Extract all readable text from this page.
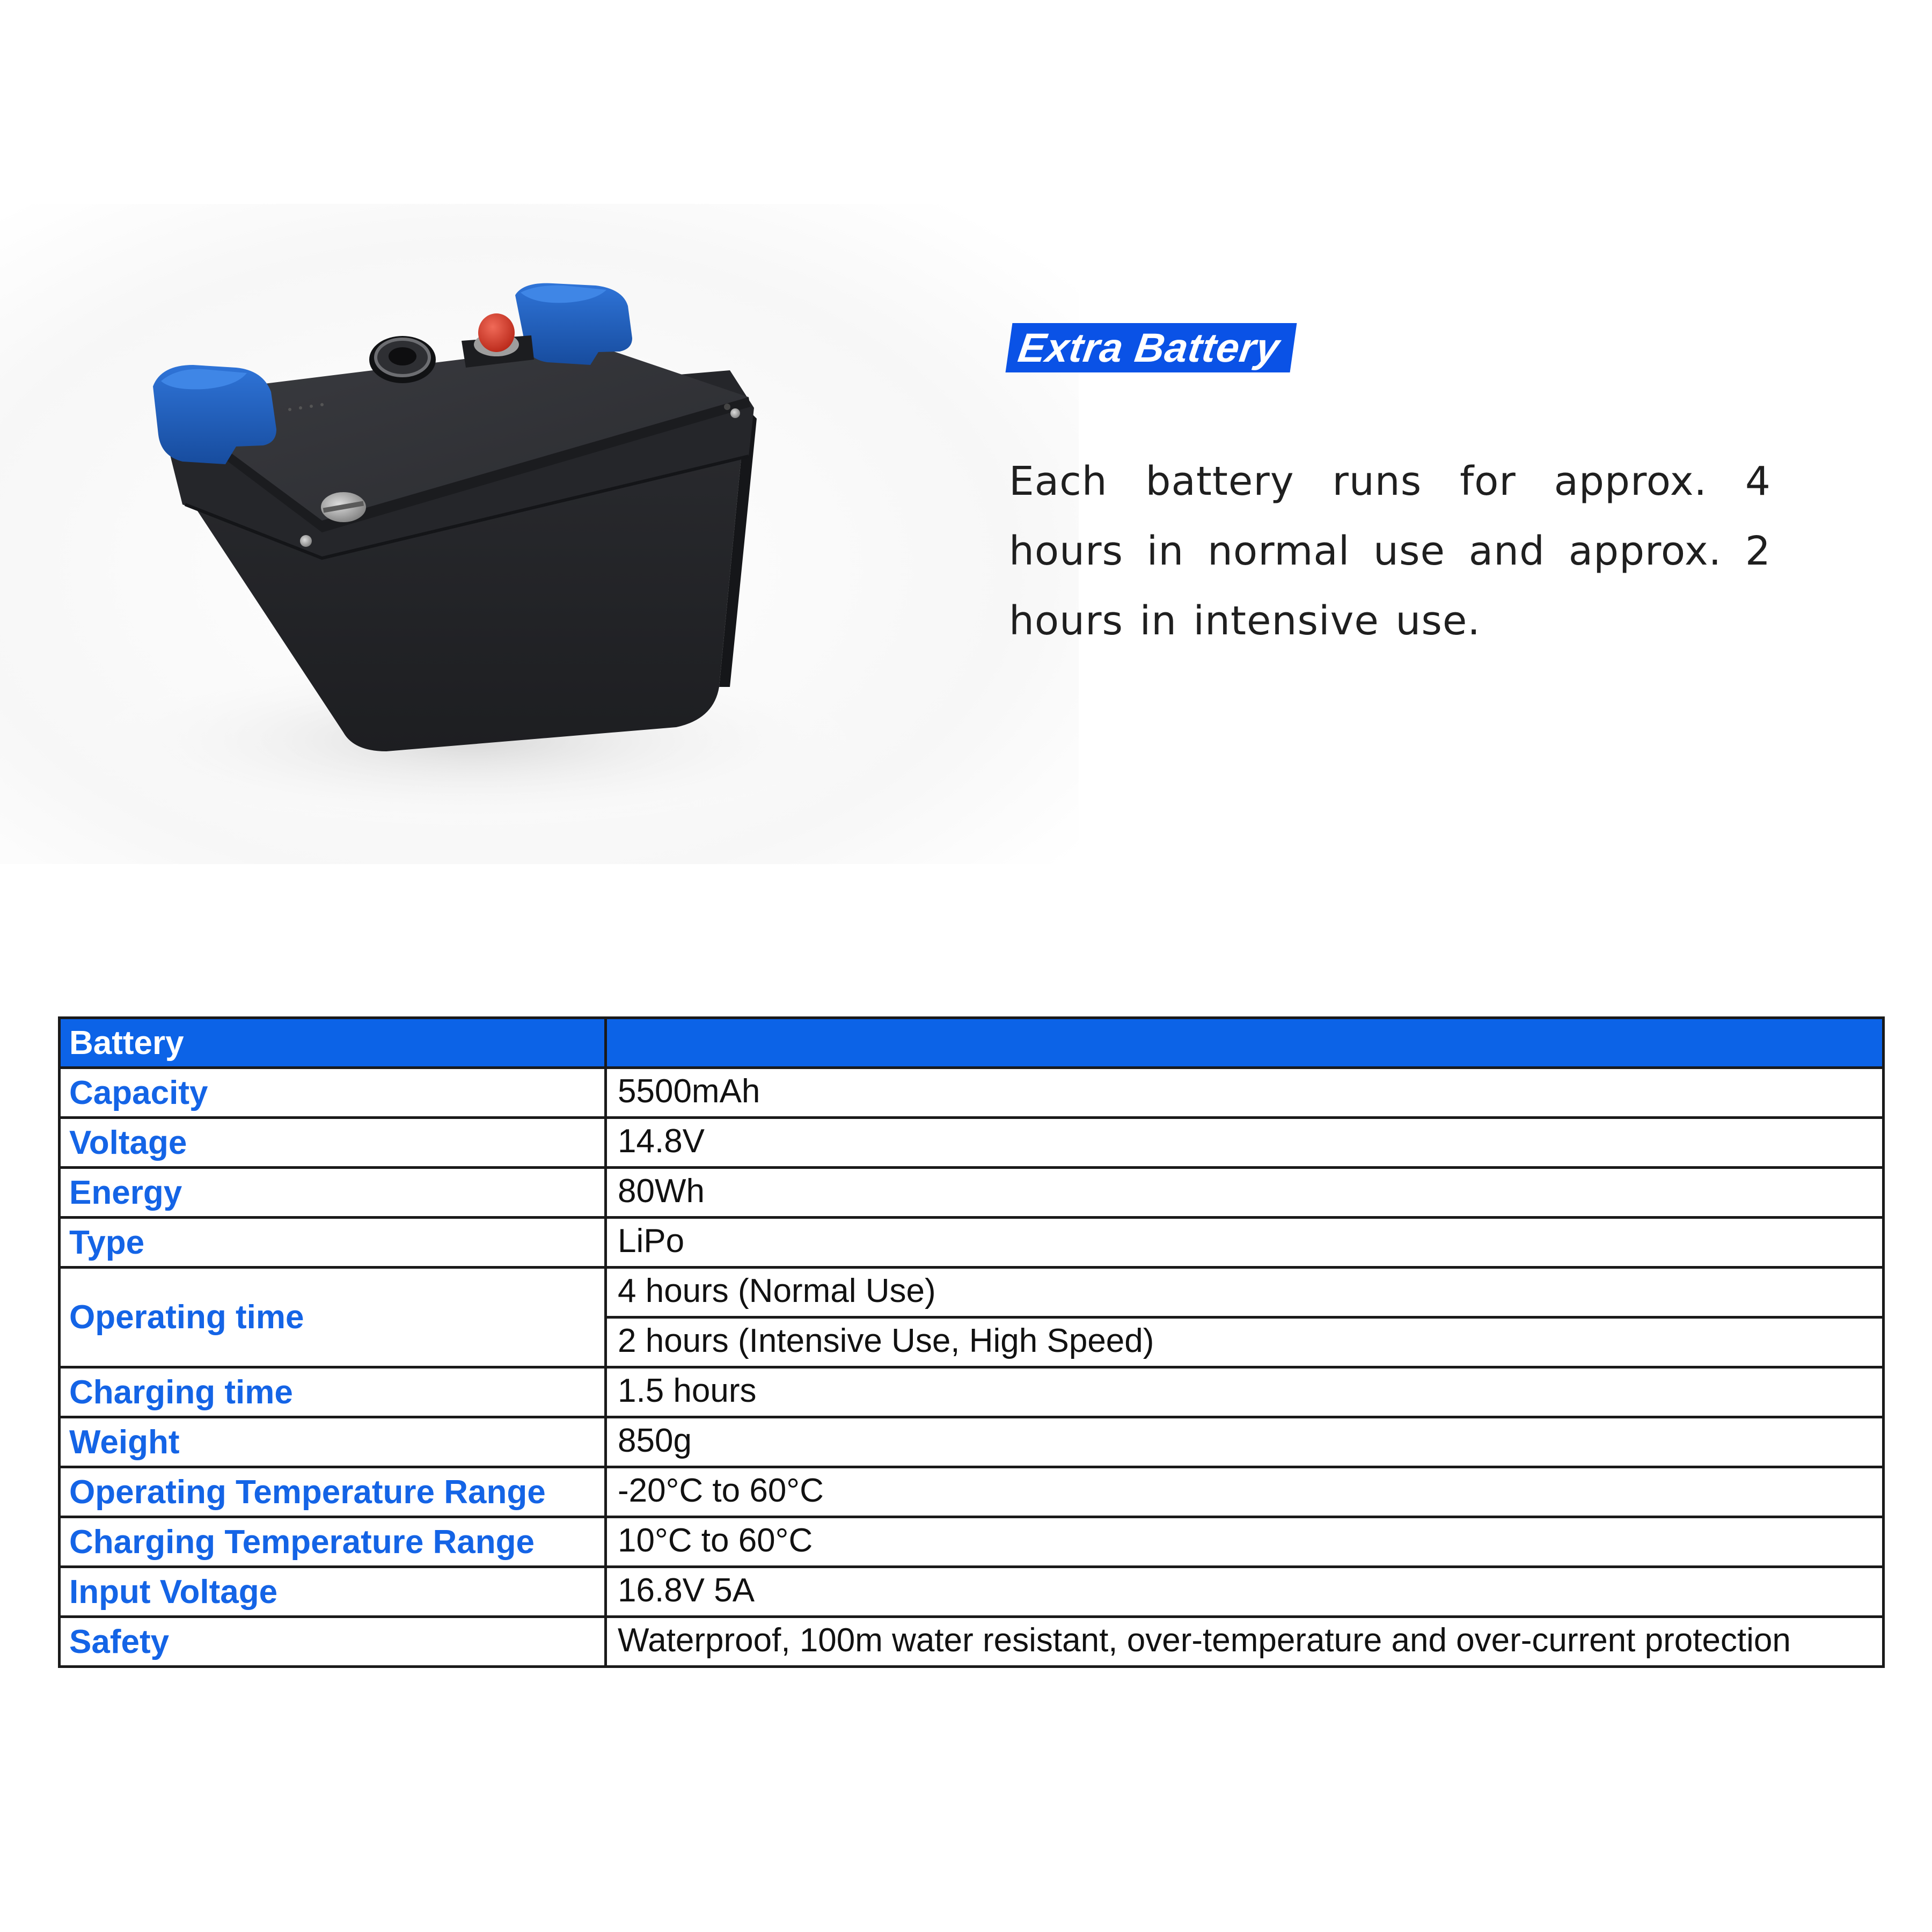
Extra Battery
Each battery runs for approx. 4 hours in normal use and approx. 2 hours in intensive use.
Battery	
Capacity	5500mAh
Voltage	14.8V
Energy	80Wh
Type	LiPo
Operating time	4 hours (Normal Use)
	2 hours (Intensive Use, High Speed)
Charging time	1.5 hours
Weight	850g
Operating Temperature Range	-20°C to 60°C
Charging Temperature Range	10°C to 60°C
Input Voltage	16.8V 5A
Safety	Waterproof, 100m water resistant, over-temperature and over-current protection
